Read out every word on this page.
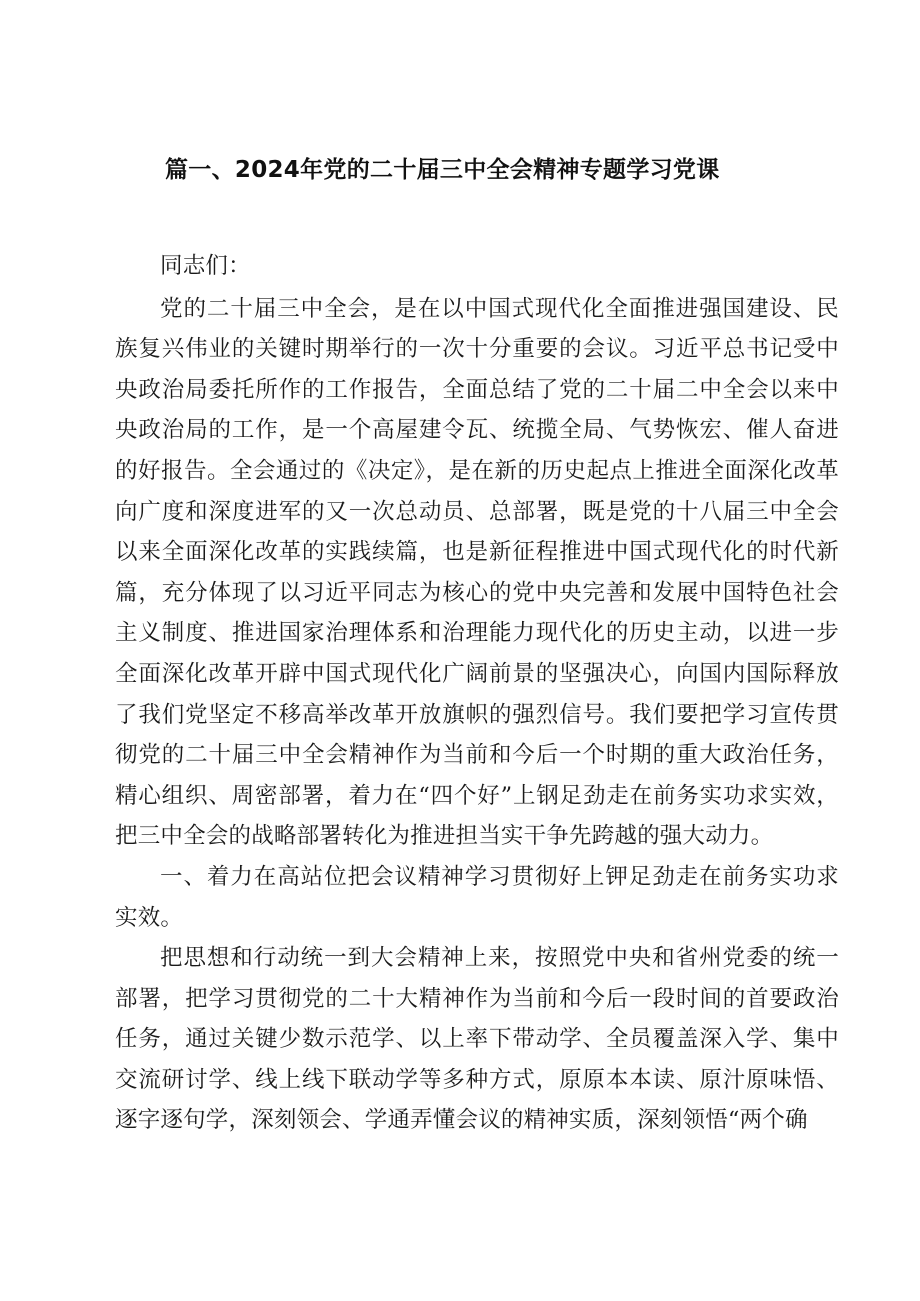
篇一、2024年党的二十届三中全会精神专题学习党课

同志们：

党的二十届三中全会，是在以中国式现代化全面推进强国建设、民族复兴伟业的关键时期举行的一次十分重要的会议。习近平总书记受中央政治局委托所作的工作报告，全面总结了党的二十届二中全会以来中央政治局的工作，是一个高屋建令瓦、统揽全局、气势恢宏、催人奋进的好报告。全会通过的《决定》，是在新的历史起点上推进全面深化改革向广度和深度进军的又一次总动员、总部署，既是党的十八届三中全会以来全面深化改革的实践续篇，也是新征程推进中国式现代化的时代新篇，充分体现了以习近平同志为核心的党中央完善和发展中国特色社会主义制度、推进国家治理体系和治理能力现代化的历史主动，以进一步全面深化改革开辟中国式现代化广阔前景的坚强决心，向国内国际释放了我们党坚定不移高举改革开放旗帜的强烈信号。我们要把学习宣传贯彻党的二十届三中全会精神作为当前和今后一个时期的重大政治任务，精心组织、周密部署，着力在“四个好”上钢足劲走在前务实功求实效，把三中全会的战略部署转化为推进担当实干争先跨越的强大动力。

一、着力在高站位把会议精神学习贯彻好上钾足劲走在前务实功求实效。

把思想和行动统一到大会精神上来，按照党中央和省州党委的统一部署，把学习贯彻党的二十大精神作为当前和今后一段时间的首要政治任务，通过关键少数示范学、以上率下带动学、全员覆盖深入学、集中交流研讨学、线上线下联动学等多种方式，原原本本读、原汁原味悟、逐字逐句学，深刻领会、学通弄懂会议的精神实质，深刻领悟“两个确
